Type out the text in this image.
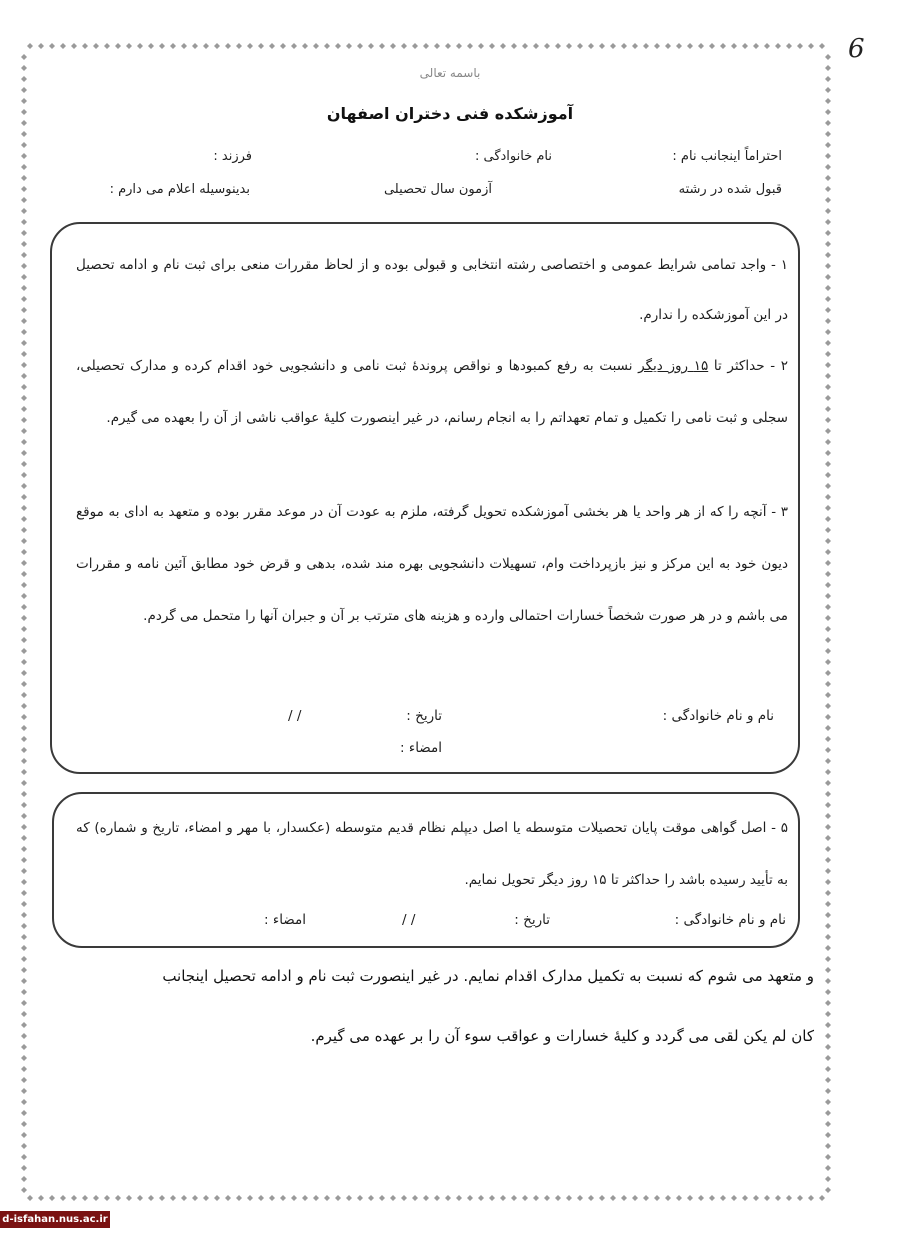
6
باسمه تعالی
آموزشکده فنی دختران اصفهان
احتراماً اینجانب نام :
نام خانوادگی :
فرزند :
قبول شده در رشته
آزمون سال تحصیلی
بدینوسیله اعلام می دارم :
۱ - واجد تمامی شرایط عمومی و اختصاصی رشته انتخابی و قبولی بوده و از لحاظ مقررات منعی برای ثبت نام و ادامه تحصیل در این آموزشکده را ندارم.
۲ - حداکثر تا ۱۵ روز دیگر نسبت به رفع کمبودها و نواقص پروندهٔ ثبت نامی و دانشجویی خود اقدام کرده و مدارک تحصیلی، سجلی و ثبت نامی را تکمیل و تمام تعهداتم را به انجام رسانم، در غیر اینصورت کلیهٔ عواقب ناشی از آن را بعهده می گیرم.
۳ - آنچه را که از هر واحد یا هر بخشی آموزشکده تحویل گرفته، ملزم به عودت آن در موعد مقرر بوده و متعهد به ادای به موقع دیون خود به این مرکز و نیز بازپرداخت وام، تسهیلات دانشجویی بهره مند شده، بدهی و قرض خود مطابق آئین نامه و مقررات می باشم و در هر صورت شخصاً خسارات احتمالی وارده و هزینه های مترتب بر آن و جبران آنها را متحمل می گردم.
نام و نام خانوادگی :
تاریخ :
/ /
امضاء :
۵ - اصل گواهی موقت پایان تحصیلات متوسطه یا اصل دیپلم نظام قدیم متوسطه (عکسدار، با مهر و امضاء، تاریخ و شماره) که به تأیید رسیده باشد را حداکثر تا ۱۵ روز دیگر تحویل نمایم.
نام و نام خانوادگی :
تاریخ :
/ /
امضاء :
و متعهد می شوم که نسبت به تکمیل مدارک اقدام نمایم. در غیر اینصورت ثبت نام و ادامه تحصیل اینجانب
کان لم یکن لقی می گردد و کلیهٔ خسارات و عواقب سوء آن را بر عهده می گیرم.
d-isfahan.nus.ac.ir
